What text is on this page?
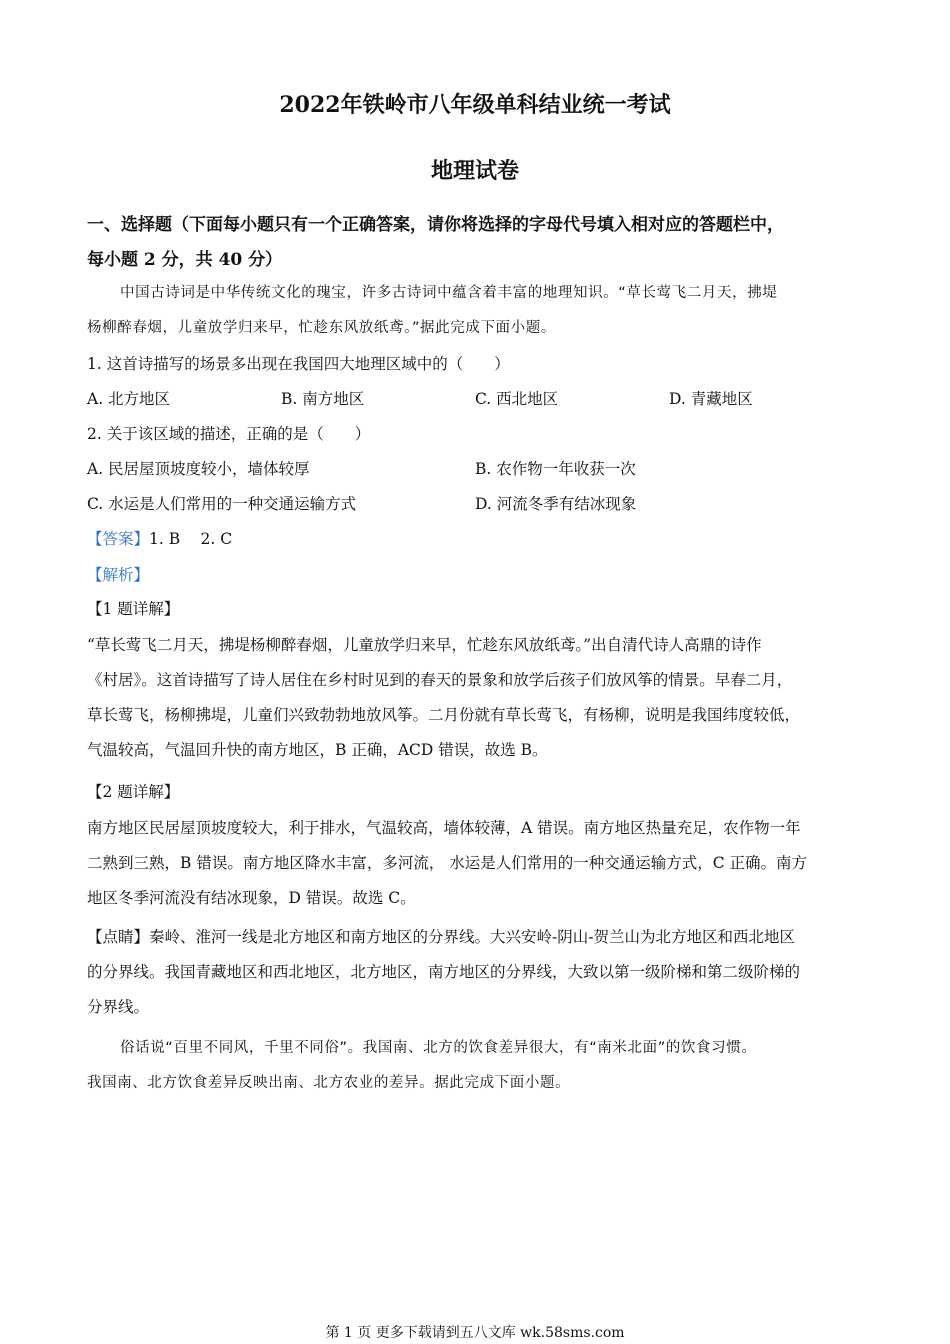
2022年铁岭市八年级单科结业统一考试
地理试卷
一、选择题（下面每小题只有一个正确答案，请你将选择的字母代号填入相对应的答题栏中，
每小题 2 分，共 40 分）
中国古诗词是中华传统文化的瑰宝，许多古诗词中蕴含着丰富的地理知识。“草长莺飞二月天，拂堤
杨柳醉春烟，儿童放学归来早，忙趁东风放纸鸢。”据此完成下面小题。
1. 这首诗描写的场景多出现在我国四大地理区域中的（　　）
A. 北方地区	B. 南方地区	C. 西北地区	D. 青藏地区
2. 关于该区域的描述，正确的是（　　）
A. 民居屋顶坡度较小，墙体较厚	B. 农作物一年收获一次
C. 水运是人们常用的一种交通运输方式	D. 河流冬季有结冰现象
【答案】1. B　 2. C
【解析】
【1 题详解】
“草长莺飞二月天，拂堤杨柳醉春烟，儿童放学归来早，忙趁东风放纸鸢。”出自清代诗人高鼎的诗作
《村居》。这首诗描写了诗人居住在乡村时见到的春天的景象和放学后孩子们放风筝的情景。早春二月，
草长莺飞，杨柳拂堤，儿童们兴致勃勃地放风筝。二月份就有草长莺飞，有杨柳，说明是我国纬度较低，
气温较高，气温回升快的南方地区，B 正确，ACD 错误，故选 B。
【2 题详解】
南方地区民居屋顶坡度较大，利于排水，气温较高，墙体较薄，A 错误。南方地区热量充足，农作物一年
二熟到三熟，B 错误。南方地区降水丰富，多河流， 水运是人们常用的一种交通运输方式，C 正确。南方
地区冬季河流没有结冰现象，D 错误。故选 C。
【点睛】秦岭、淮河一线是北方地区和南方地区的分界线。大兴安岭-阴山-贺兰山为北方地区和西北地区
的分界线。我国青藏地区和西北地区，北方地区，南方地区的分界线，大致以第一级阶梯和第二级阶梯的
分界线。
俗话说“百里不同风，千里不同俗”。我国南、北方的饮食差异很大，有“南米北面”的饮食习惯。
我国南、北方饮食差异反映出南、北方农业的差异。据此完成下面小题。
第 1 页 更多下载请到五八文库 wk.58sms.com
